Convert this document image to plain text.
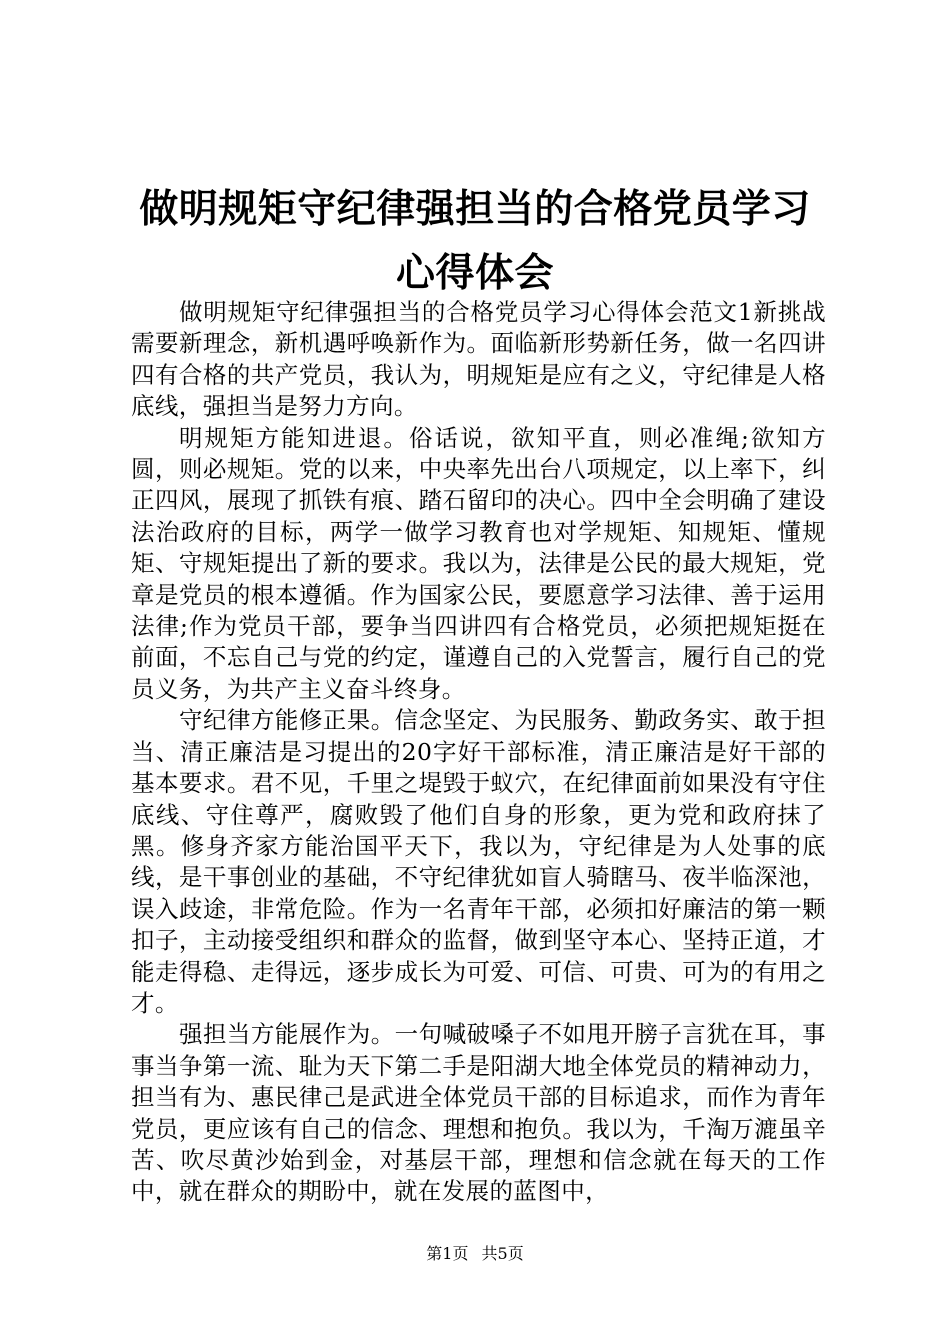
做明规矩守纪律强担当的合格党员学习心得体会

做明规矩守纪律强担当的合格党员学习心得体会范文1新挑战需要新理念，新机遇呼唤新作为。面临新形势新任务，做一名四讲四有合格的共产党员，我认为，明规矩是应有之义，守纪律是人格底线，强担当是努力方向。

明规矩方能知进退。俗话说，欲知平直，则必准绳;欲知方圆，则必规矩。党的以来，中央率先出台八项规定，以上率下，纠正四风，展现了抓铁有痕、踏石留印的决心。四中全会明确了建设法治政府的目标，两学一做学习教育也对学规矩、知规矩、懂规矩、守规矩提出了新的要求。我以为，法律是公民的最大规矩，党章是党员的根本遵循。作为国家公民，要愿意学习法律、善于运用法律;作为党员干部，要争当四讲四有合格党员，必须把规矩挺在前面，不忘自己与党的约定，谨遵自己的入党誓言，履行自己的党员义务，为共产主义奋斗终身。

守纪律方能修正果。信念坚定、为民服务、勤政务实、敢于担当、清正廉洁是习提出的20字好干部标准，清正廉洁是好干部的基本要求。君不见，千里之堤毁于蚁穴，在纪律面前如果没有守住底线、守住尊严，腐败毁了他们自身的形象，更为党和政府抹了黑。修身齐家方能治国平天下，我以为，守纪律是为人处事的底线，是干事创业的基础，不守纪律犹如盲人骑瞎马、夜半临深池，误入歧途，非常危险。作为一名青年干部，必须扣好廉洁的第一颗扣子，主动接受组织和群众的监督，做到坚守本心、坚持正道，才能走得稳、走得远，逐步成长为可爱、可信、可贵、可为的有用之才。

强担当方能展作为。一句喊破嗓子不如甩开膀子言犹在耳，事事当争第一流、耻为天下第二手是阳湖大地全体党员的精神动力，担当有为、惠民律己是武进全体党员干部的目标追求，而作为青年党员，更应该有自己的信念、理想和抱负。我以为，千淘万漉虽辛苦、吹尽黄沙始到金，对基层干部，理想和信念就在每天的工作中，就在群众的期盼中，就在发展的蓝图中，

第1页 共5页
